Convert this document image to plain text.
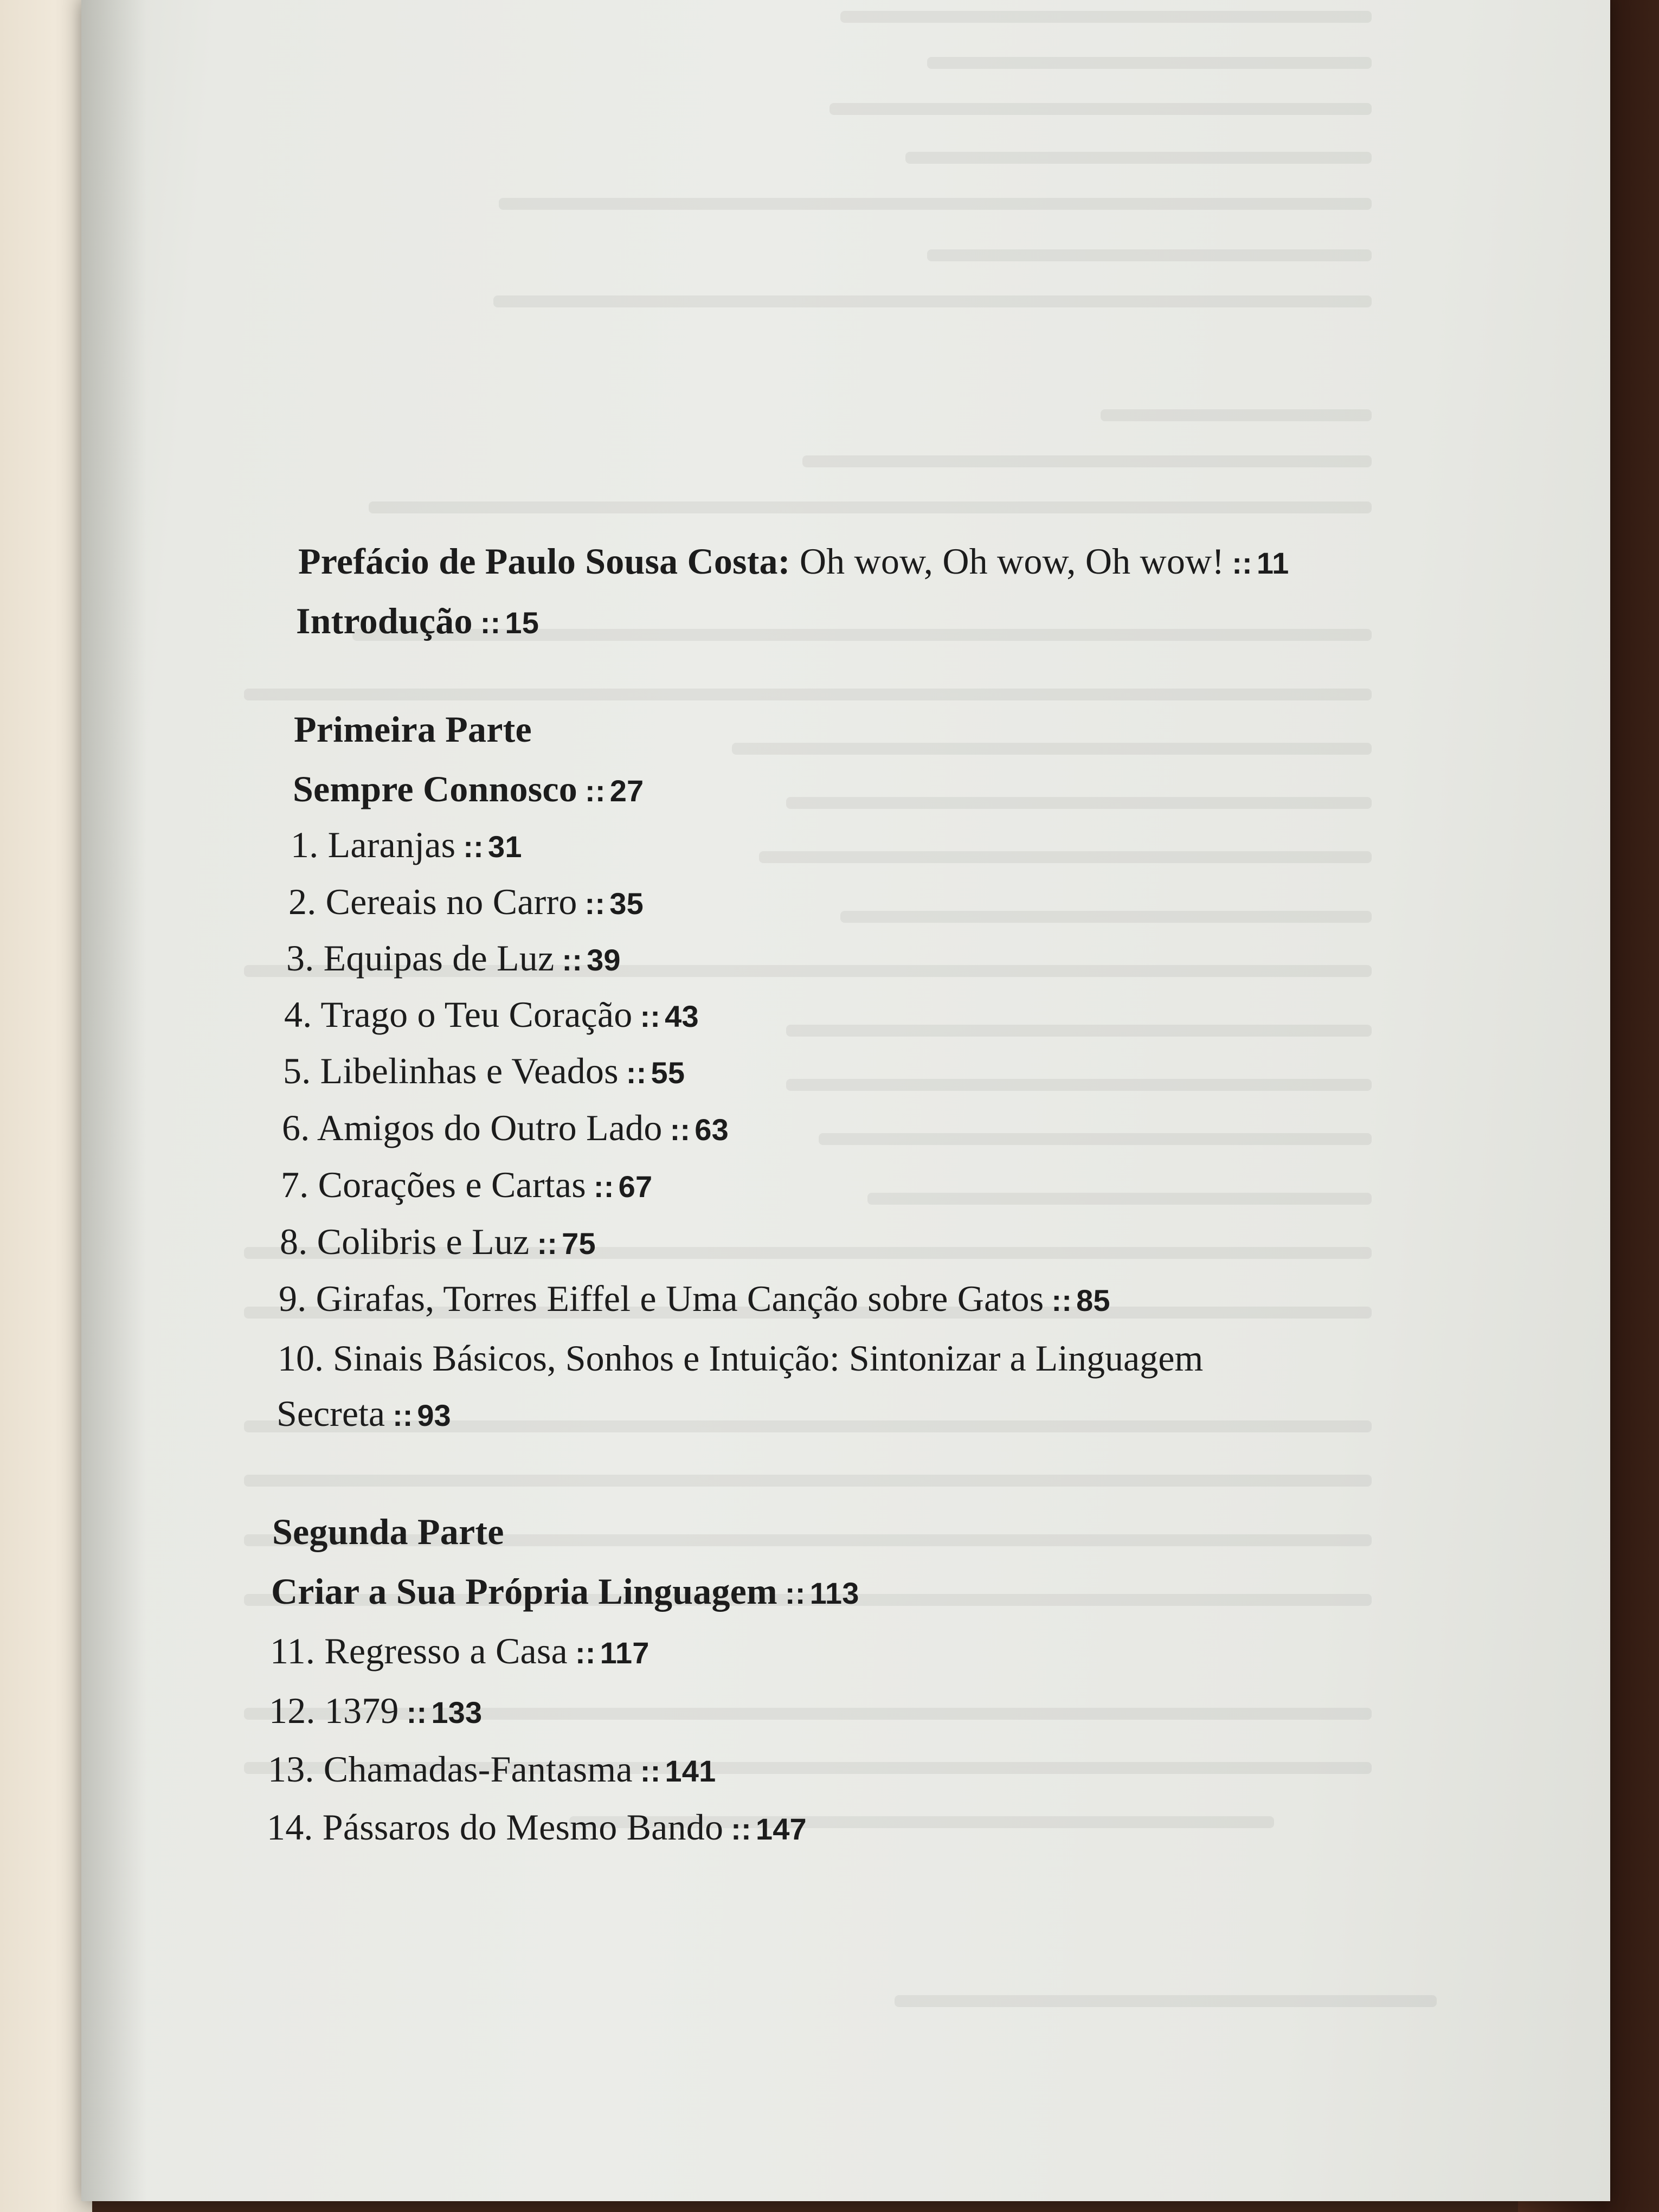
Prefácio de Paulo Sousa Costa: Oh wow, Oh wow, Oh wow! :: 11
Introdução :: 15
Primeira Parte
Sempre Connosco :: 27
1. Laranjas :: 31
2. Cereais no Carro :: 35
3. Equipas de Luz :: 39
4. Trago o Teu Coração :: 43
5. Libelinhas e Veados :: 55
6. Amigos do Outro Lado :: 63
7. Corações e Cartas :: 67
8. Colibris e Luz :: 75
9. Girafas, Torres Eiffel e Uma Canção sobre Gatos :: 85
10. Sinais Básicos, Sonhos e Intuição: Sintonizar a Linguagem
Secreta :: 93
Segunda Parte
Criar a Sua Própria Linguagem :: 113
11. Regresso a Casa :: 117
12. 1379 :: 133
13. Chamadas-Fantasma :: 141
14. Pássaros do Mesmo Bando :: 147
